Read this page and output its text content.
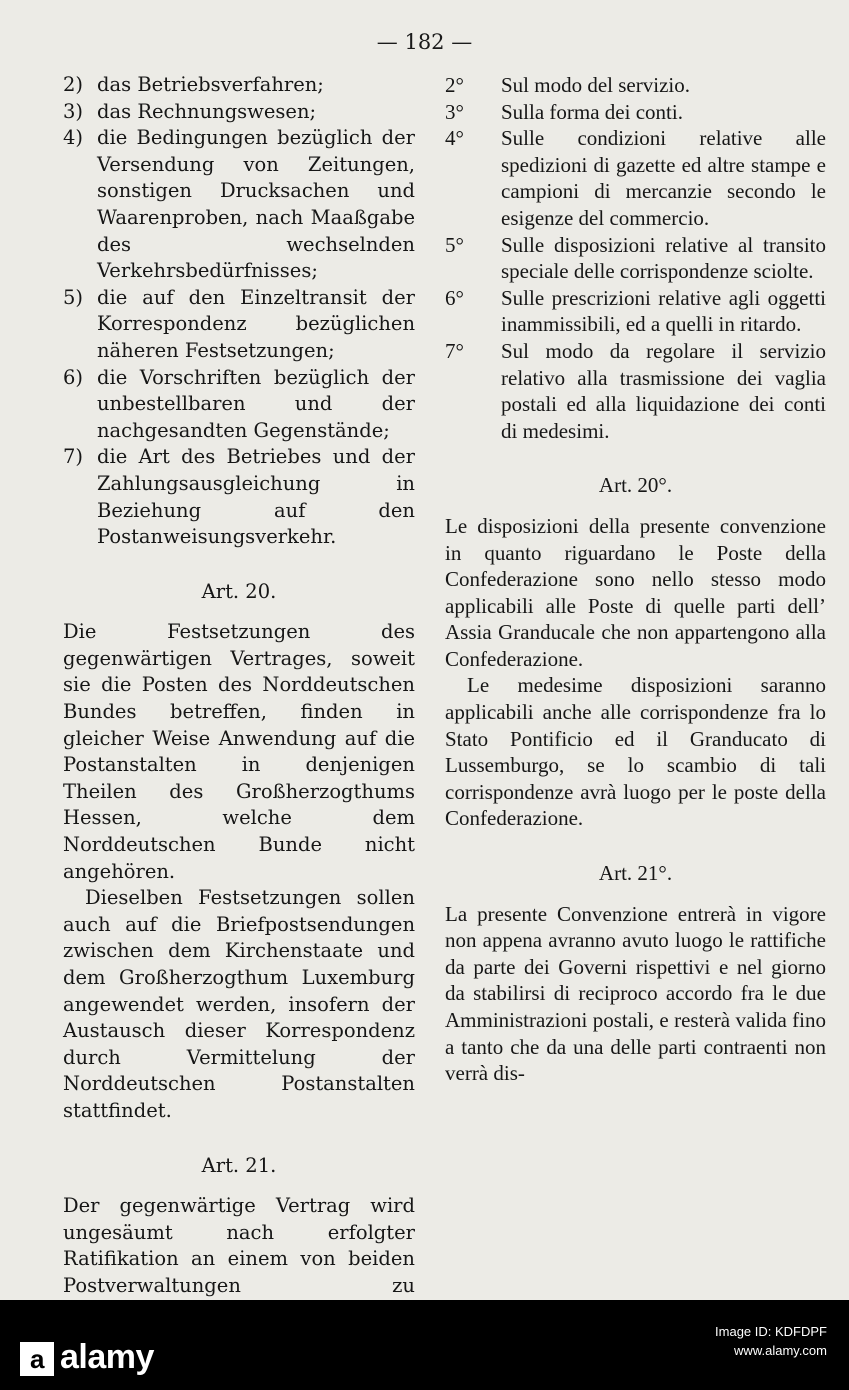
— 182 —
2) das Betriebsverfahren;
3) das Rechnungswesen;
4) die Bedingungen bezüglich der Versendung von Zeitungen, sonstigen Drucksachen und Waarenproben, nach Maaßgabe des wechselnden Verkehrsbedürfnisses;
5) die auf den Einzeltransit der Korrespondenz bezüglichen näheren Festsetzungen;
6) die Vorschriften bezüglich der unbestellbaren und der nachgesandten Gegenstände;
7) die Art des Betriebes und der Zahlungsausgleichung in Beziehung auf den Postanweisungsverkehr.
Art. 20.

Die Festsetzungen des gegenwärtigen Vertrages, soweit sie die Posten des Norddeutschen Bundes betreffen, finden in gleicher Weise Anwendung auf die Postanstalten in denjenigen Theilen des Großherzogthums Hessen, welche dem Norddeutschen Bunde nicht angehören.

Dieselben Festsetzungen sollen auch auf die Briefpostsendungen zwischen dem Kirchenstaate und dem Großherzogthum Luxemburg angewendet werden, insofern der Austausch dieser Korrespondenz durch Vermittelung der Norddeutschen Postanstalten stattfindet.

Art. 21.

Der gegenwärtige Vertrag wird ungesäumt nach erfolgter Ratifikation an einem von beiden Postverwaltungen zu

2° Sul modo del servizio.
3° Sulla forma dei conti.
4° Sulle condizioni relative alle spedizioni di gazette ed altre stampe e campioni di mercanzie secondo le esigenze del commercio.
5° Sulle disposizioni relative al transito speciale delle corrispondenze sciolte.
6° Sulle prescrizioni relative agli oggetti inammissibili, ed a quelli in ritardo.
7° Sul modo da regolare il servizio relativo alla trasmissione dei vaglia postali ed alla liquidazione dei conti di medesimi.
Art. 20°.

Le disposizioni della presente convenzione in quanto riguardano le Poste della Confederazione sono nello stesso modo applicabili alle Poste di quelle parti dell’ Assia Granducale che non appartengono alla Confederazione.

Le medesime disposizioni saranno applicabili anche alle corrispondenze fra lo Stato Pontificio ed il Granducato di Lussemburgo, se lo scambio di tali corrispondenze avrà luogo per le poste della Confederazione.

Art. 21°.

La presente Convenzione entrerà in vigore non appena avranno avuto luogo le rattifiche da parte dei Governi rispettivi e nel giorno da stabilirsi di reciproco accordo fra le due Amministrazioni postali, e resterà valida fino a tanto che da una delle parti contraenti non verrà dis-

a alamy
Image ID: KDFDPF
www.alamy.com
